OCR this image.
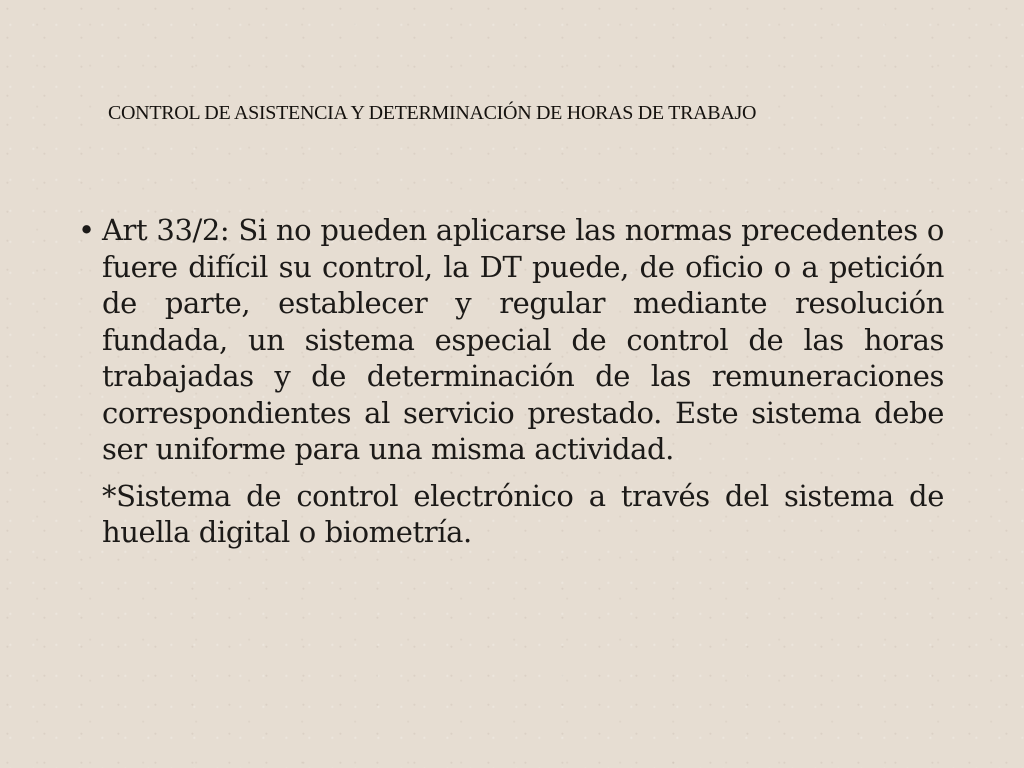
CONTROL DE ASISTENCIA Y DETERMINACIÓN DE HORAS DE TRABAJO
• Art 33/2: Si no pueden aplicarse las normas precedentes o fuere difícil su control, la DT puede, de oficio o a petición de parte, establecer y regular mediante resolución fundada, un sistema especial de control de las horas trabajadas y de determinación de las remuneraciones correspondientes al servicio prestado. Este sistema debe ser uniforme para una misma actividad.

*Sistema de control electrónico a través del sistema de huella digital o biometría.
